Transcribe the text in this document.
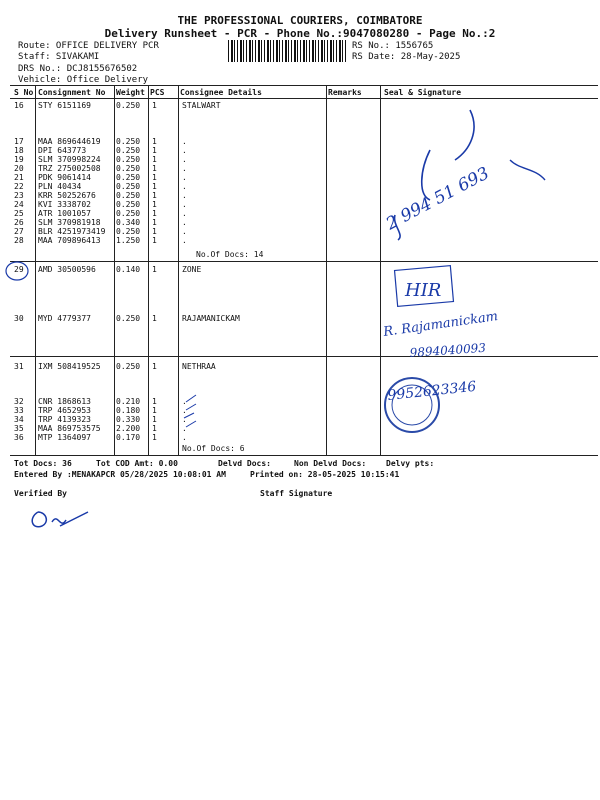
THE PROFESSIONAL COURIERS, COIMBATORE
Delivery Runsheet - PCR - Phone No.:9047080280 - Page No.:2
Route: OFFICE DELIVERY PCR
Staff: SIVAKAMI
DRS No.: DCJ8155676502
Vehicle: Office Delivery
RS No.: 1556765
RS Date: 28-May-2025
S No Consignment No Weight PCS Consignee Details	Remarks	Seal & Signature
16 STY 6151169	0.250 1	STALWART
17 MAA 869644619 0.250 1	.
18 DPI 643773	0.250 1	.
19 SLM 370998224 0.250 1	.
20 TRZ 275002508 0.250 1	.
21 PDK 9061414	0.250 1	.
22 PLN 40434	0.250 1	.
23 KRR 50252676	0.250 1	.
24 KVI 3338702	0.250 1	.
25 ATR 1001057	0.250 1	.
26 SLM 370981918 0.340 1	.
27 BLR 4251973419 0.250 1	.
28 MAA 709896413 1.250 1	.
No.Of Docs: 14
29 AMD 30500596	0.140 1	ZONE
30 MYD 4779377	0.250 1	RAJAMANICKAM
31 IXM 508419525 0.250 1	NETHRAA
32 CNR 1868613	0.210 1	.
33 TRP 4652953	0.180 1	.
34 TRP 4139323	0.330 1	.
35 MAA 869753575 2.200 1	.
36 MTP 1364097	0.170 1	.
No.Of Docs: 6
Tot Docs: 36	Tot COD Amt: 0.00	Delvd Docs:	Non Delvd Docs: Delvy pts:
Entered By :MENAKAPCR 05/28/2025 10:08:01 AM	Printed on: 28-05-2025 10:15:41
Verified By	Staff Signature
2 994 51 693
HIR
R. Rajamanickam
9894040093
9952623346
